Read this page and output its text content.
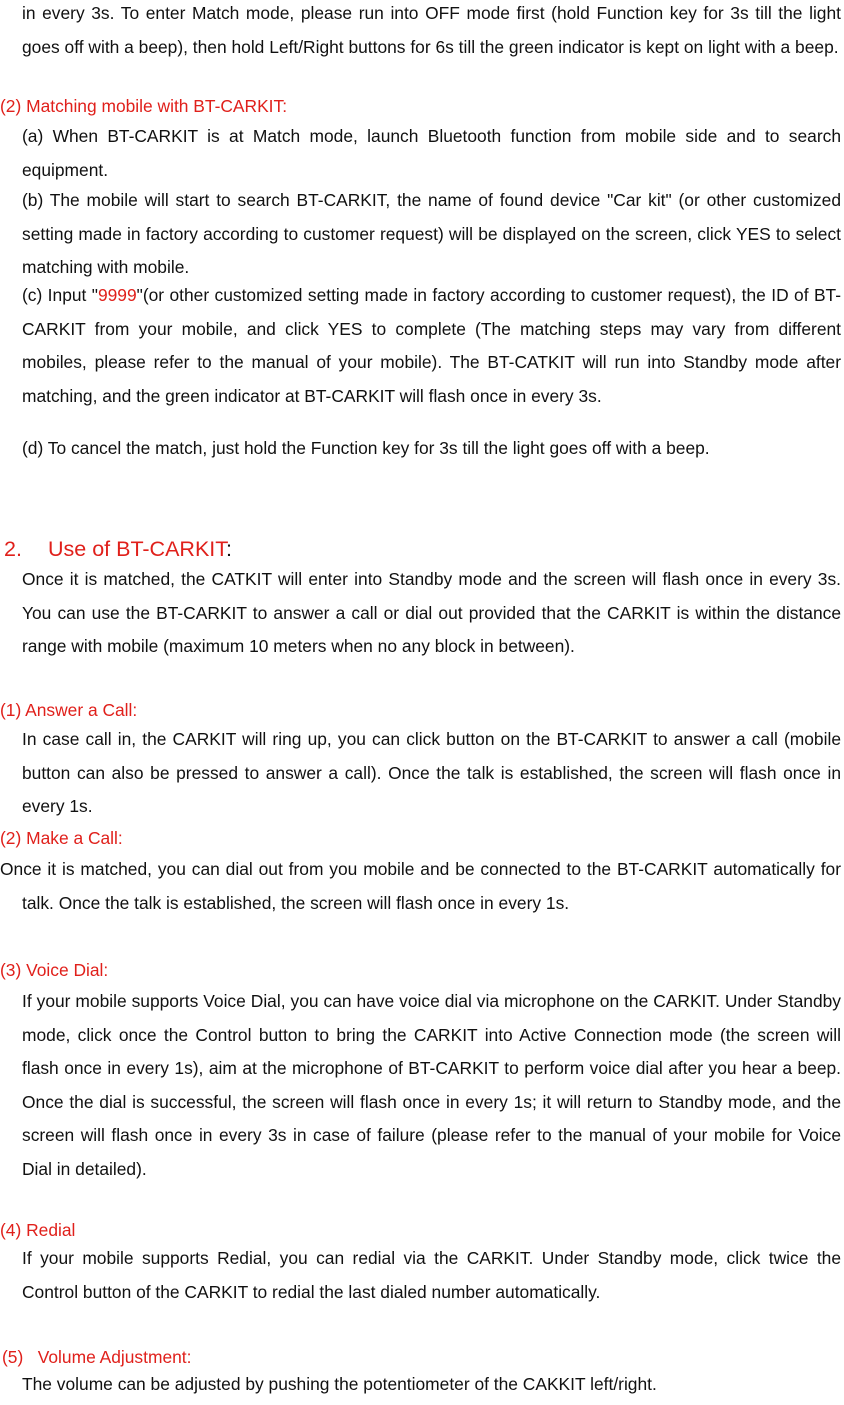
in every 3s. To enter Match mode, please run into OFF mode first (hold Function key for 3s till the light goes off with a beep), then hold Left/Right buttons for 6s till the green indicator is kept on light with a beep.

(2) Matching mobile with BT-CARKIT:

(a) When BT-CARKIT is at Match mode, launch Bluetooth function from mobile side and to search equipment.

(b) The mobile will start to search BT-CARKIT, the name of found device "Car kit" (or other customized setting made in factory according to customer request) will be displayed on the screen, click YES to select matching with mobile.

(c) Input "9999"(or other customized setting made in factory according to customer request), the ID of BT-CARKIT from your mobile, and click YES to complete (The matching steps may vary from different mobiles, please refer to the manual of your mobile). The BT-CATKIT will run into Standby mode after matching, and the green indicator at BT-CARKIT will flash once in every 3s.

(d) To cancel the match, just hold the Function key for 3s till the light goes off with a beep.

2. Use of BT-CARKIT:

Once it is matched, the CATKIT will enter into Standby mode and the screen will flash once in every 3s. You can use the BT-CARKIT to answer a call or dial out provided that the CARKIT is within the distance range with mobile (maximum 10 meters when no any block in between).

(1) Answer a Call:

In case call in, the CARKIT will ring up, you can click button on the BT-CARKIT to answer a call (mobile button can also be pressed to answer a call). Once the talk is established, the screen will flash once in every 1s.

(2) Make a Call:

Once it is matched, you can dial out from you mobile and be connected to the BT-CARKIT automatically for talk. Once the talk is established, the screen will flash once in every 1s.

(3) Voice Dial:

If your mobile supports Voice Dial, you can have voice dial via microphone on the CARKIT. Under Standby mode, click once the Control button to bring the CARKIT into Active Connection mode (the screen will flash once in every 1s), aim at the microphone of BT-CARKIT to perform voice dial after you hear a beep. Once the dial is successful, the screen will flash once in every 1s; it will return to Standby mode, and the screen will flash once in every 3s in case of failure (please refer to the manual of your mobile for Voice Dial in detailed).

(4) Redial

If your mobile supports Redial, you can redial via the CARKIT. Under Standby mode, click twice the Control button of the CARKIT to redial the last dialed number automatically.

(5)   Volume Adjustment:

The volume can be adjusted by pushing the potentiometer of the CAKKIT left/right.
